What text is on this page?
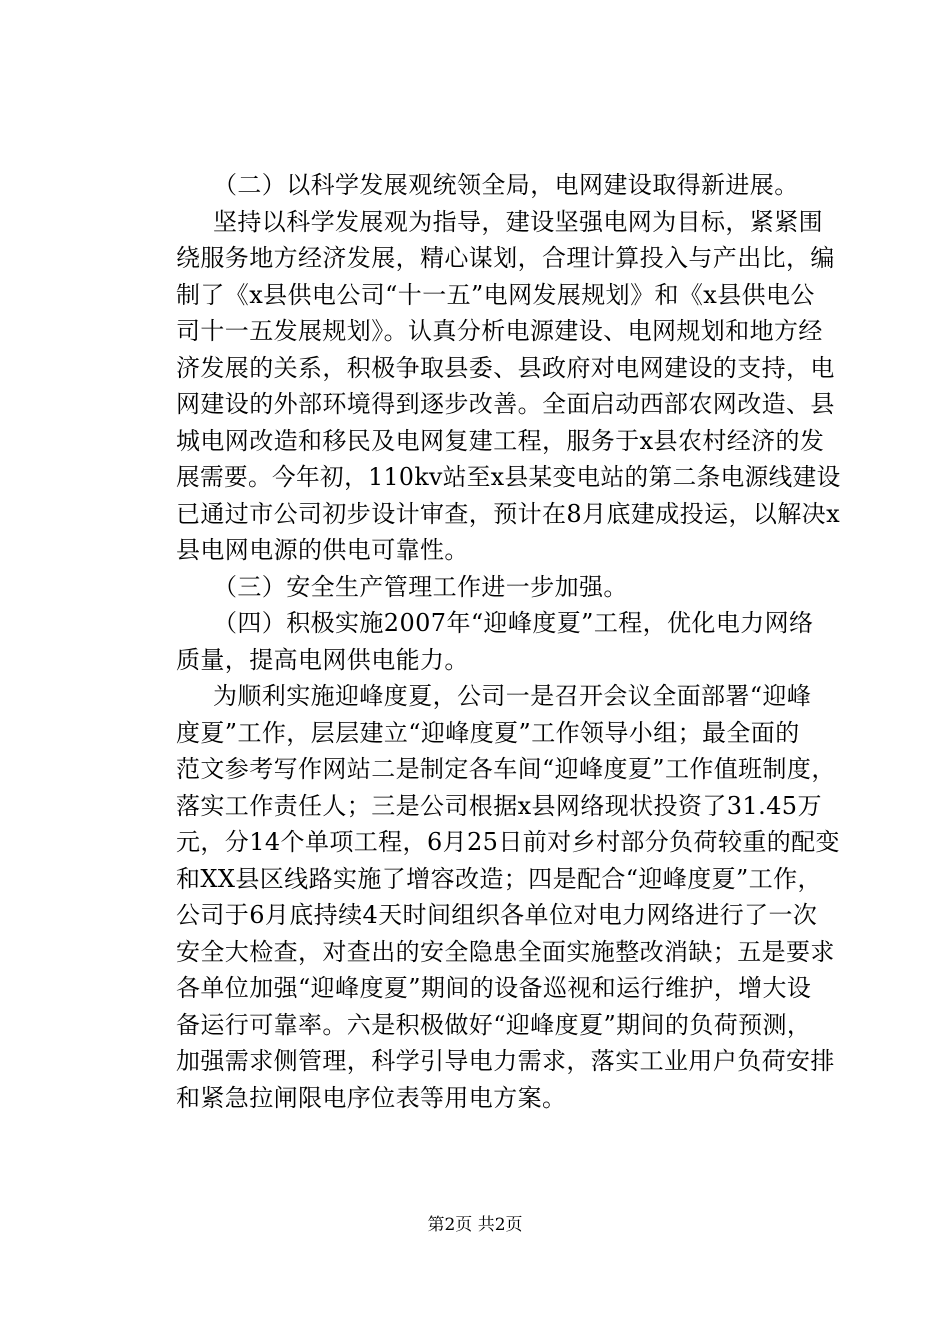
（二）以科学发展观统领全局，电网建设取得新进展。

坚持以科学发展观为指导，建设坚强电网为目标，紧紧围

绕服务地方经济发展，精心谋划，合理计算投入与产出比，编

制了《x县供电公司“十一五”电网发展规划》和《x县供电公

司十一五发展规划》。认真分析电源建设、电网规划和地方经

济发展的关系，积极争取县委、县政府对电网建设的支持，电

网建设的外部环境得到逐步改善。全面启动西部农网改造、县

城电网改造和移民及电网复建工程，服务于x县农村经济的发

展需要。今年初，110kv站至x县某变电站的第二条电源线建设

已通过市公司初步设计审查，预计在8月底建成投运，以解决x

县电网电源的供电可靠性。

（三）安全生产管理工作进一步加强。

（四）积极实施2007年“迎峰度夏”工程，优化电力网络

质量，提高电网供电能力。

为顺利实施迎峰度夏，公司一是召开会议全面部署“迎峰

度夏”工作，层层建立“迎峰度夏”工作领导小组；最全面的

范文参考写作网站二是制定各车间“迎峰度夏”工作值班制度，

落实工作责任人；三是公司根据x县网络现状投资了31.45万

元，分14个单项工程，6月25日前对乡村部分负荷较重的配变

和XX县区线路实施了增容改造；四是配合“迎峰度夏”工作，

公司于6月底持续4天时间组织各单位对电力网络进行了一次

安全大检查，对查出的安全隐患全面实施整改消缺；五是要求

各单位加强“迎峰度夏”期间的设备巡视和运行维护，增大设

备运行可靠率。六是积极做好“迎峰度夏”期间的负荷预测，

加强需求侧管理，科学引导电力需求，落实工业用户负荷安排

和紧急拉闸限电序位表等用电方案。

第2页 共2页
